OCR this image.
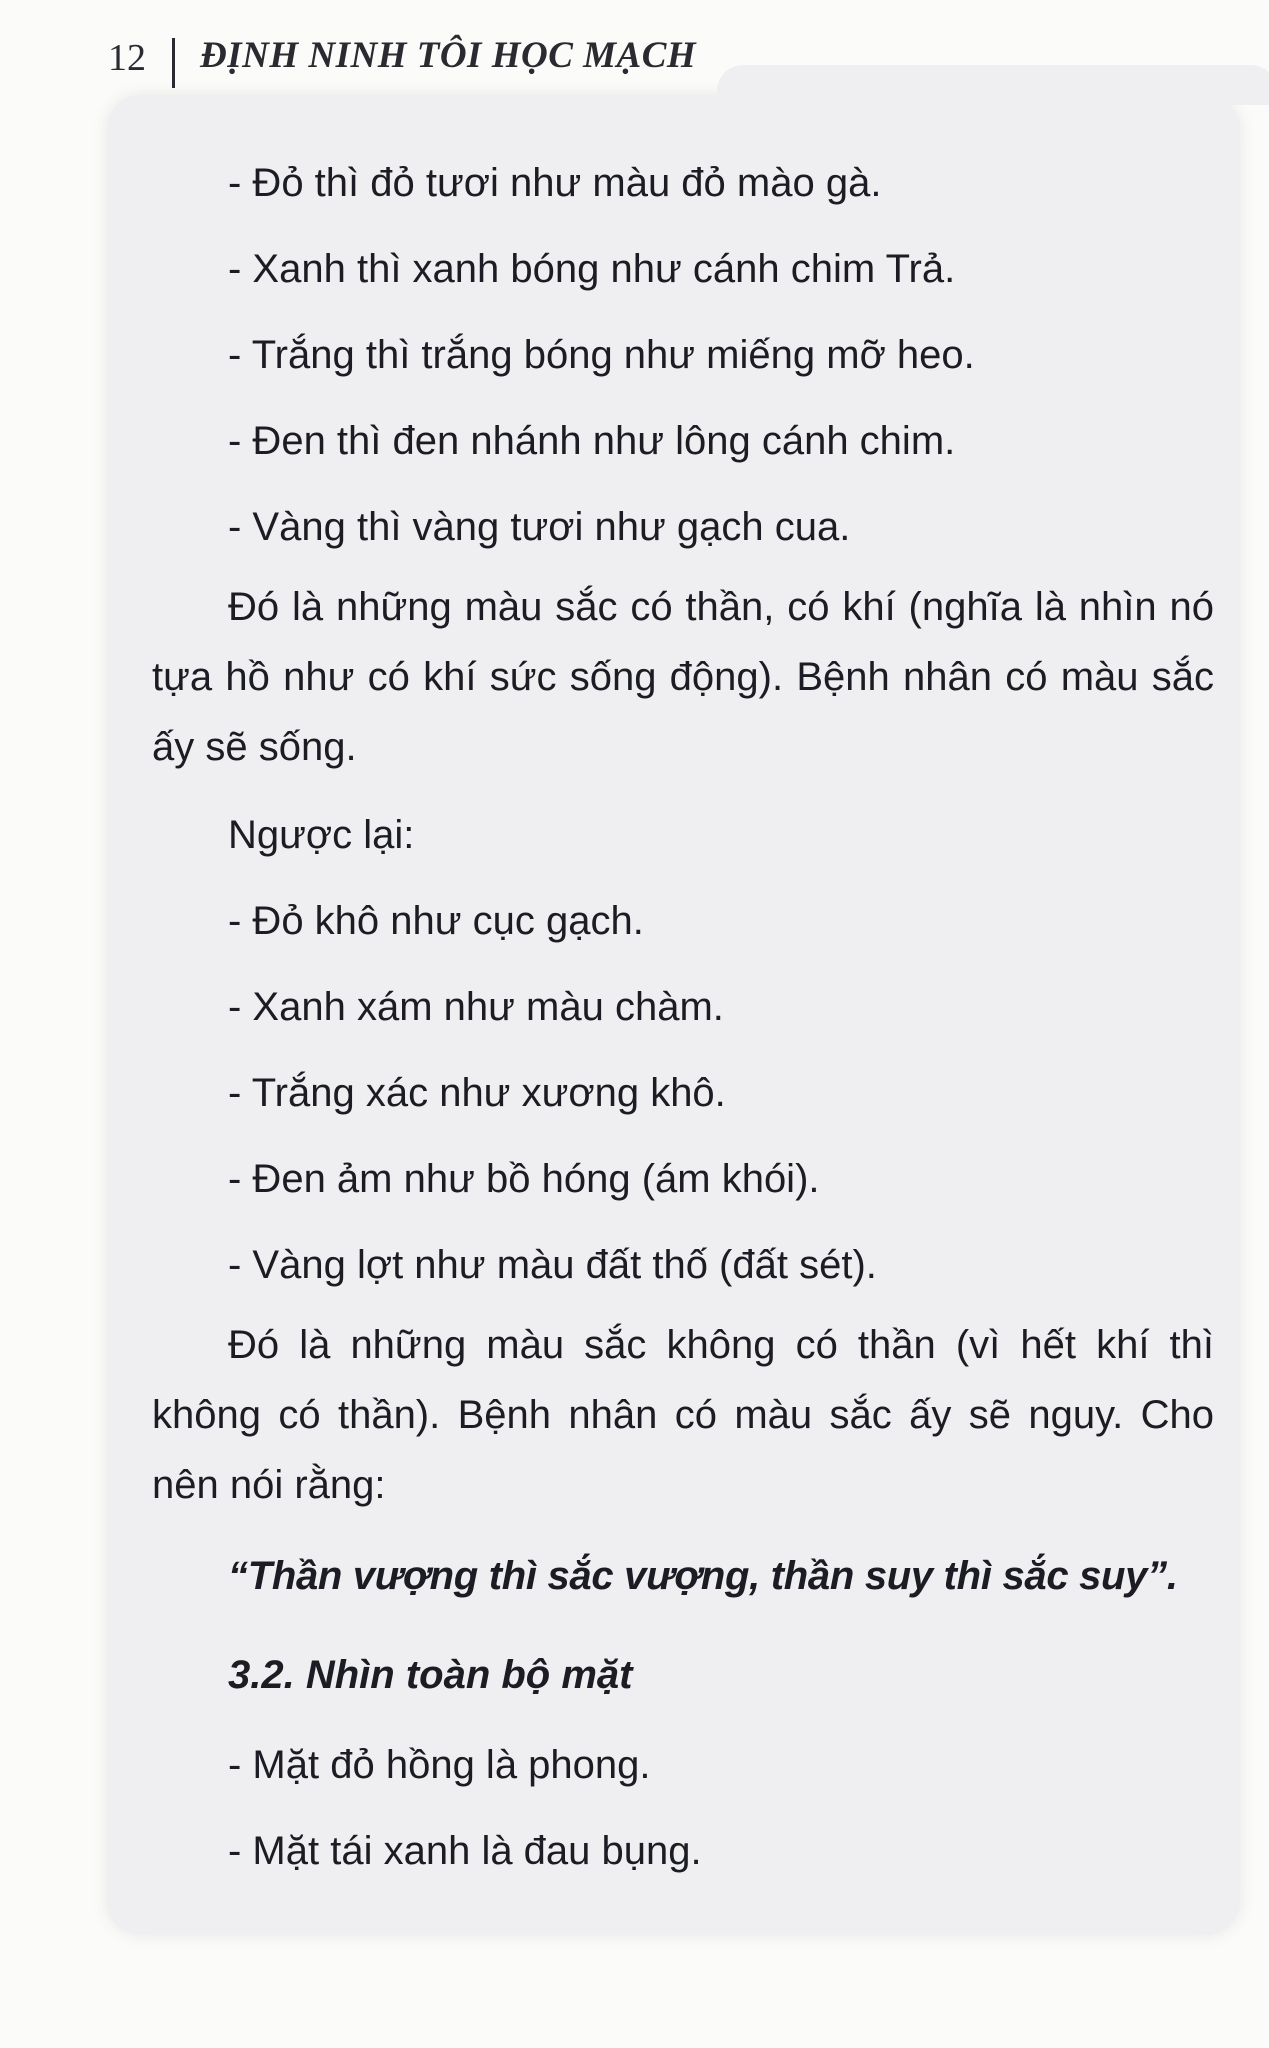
12 ĐỊNH NINH TÔI HỌC MẠCH

- Đỏ thì đỏ tươi như màu đỏ mào gà.

- Xanh thì xanh bóng như cánh chim Trả.

- Trắng thì trắng bóng như miếng mỡ heo.

- Đen thì đen nhánh như lông cánh chim.

- Vàng thì vàng tươi như gạch cua.

Đó là những màu sắc có thần, có khí (nghĩa là nhìn nó tựa hồ như có khí sức sống động). Bệnh nhân có màu sắc ấy sẽ sống.

Ngược lại:

- Đỏ khô như cục gạch.

- Xanh xám như màu chàm.

- Trắng xác như xương khô.

- Đen ảm như bồ hóng (ám khói).

- Vàng lợt như màu đất thố (đất sét).

Đó là những màu sắc không có thần (vì hết khí thì không có thần). Bệnh nhân có màu sắc ấy sẽ nguy. Cho nên nói rằng:

“Thần vượng thì sắc vượng, thần suy thì sắc suy”.

3.2. Nhìn toàn bộ mặt

- Mặt đỏ hồng là phong.

- Mặt tái xanh là đau bụng.
